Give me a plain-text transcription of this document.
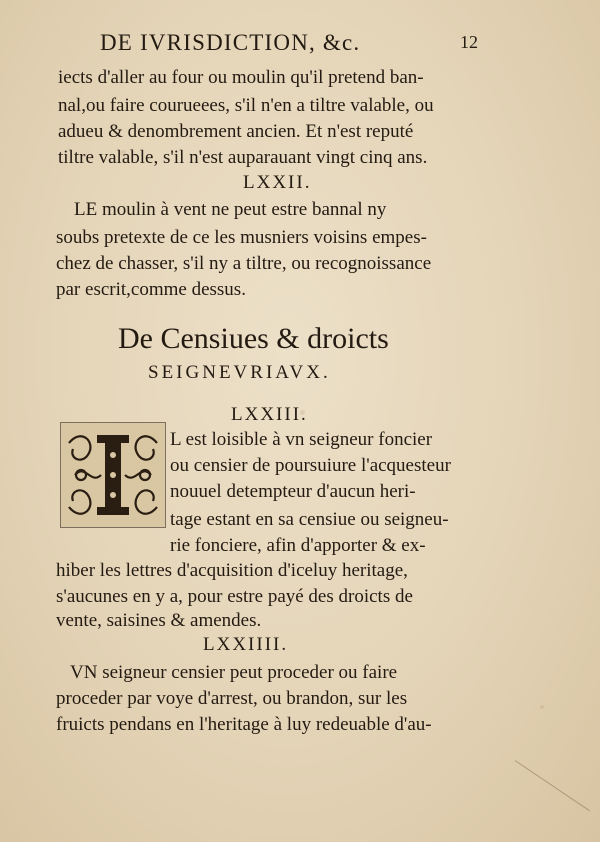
DE IVRISDICTION, &c.	12
iects d'aller au four ou moulin qu'il pretend ban-
nal,ou faire courueees, s'il n'en a tiltre valable, ou
adueu & denombrement ancien. Et n'est reputé
tiltre valable, s'il n'est auparauant vingt cinq ans.
LXXII.
LE moulin à vent ne peut estre bannal ny
soubs pretexte de ce les musniers voisins empes-
chez de chasser, s'il ny a tiltre, ou recognoissance
par escrit,comme dessus.
De Censiues & droicts
SEIGNEVRIAVX.
LXXIII.
L est loisible à vn seigneur foncier
ou censier de poursuiure l'acquesteur
nouuel detempteur d'aucun heri-
tage estant en sa censiue ou seigneu-
rie fonciere, afin d'apporter & ex-
hiber les lettres d'acquisition d'iceluy heritage,
s'aucunes en y a, pour estre payé des droicts de
vente, saisines & amendes.
LXXIIII.
VN seigneur censier peut proceder ou faire
proceder par voye d'arrest, ou brandon, sur les
fruicts pendans en l'heritage à luy redeuable d'au-
